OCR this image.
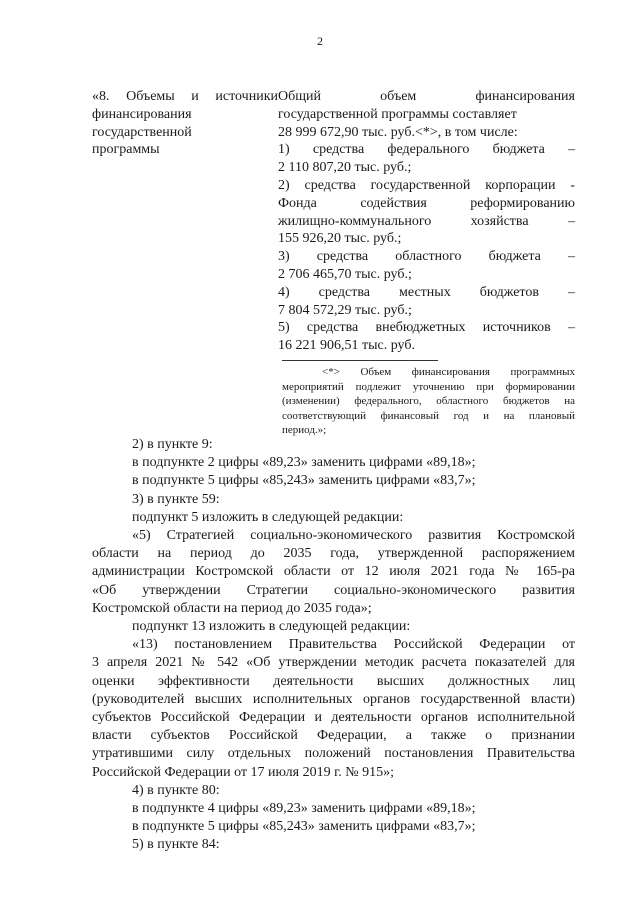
2
«8. Объемы и источники
финансирования
государственной
программы
Общий объем финансирования
государственной программы составляет
28 999 672,90 тыс. руб.<*>, в том числе:
1) средства федерального бюджета –
2 110 807,20 тыс. руб.;
2) средства государственной корпорации -
Фонда содействия реформированию
жилищно-коммунального хозяйства –
155 926,20 тыс. руб.;
3) средства областного бюджета –
2 706 465,70 тыс. руб.;
4) средства местных бюджетов –
7 804 572,29 тыс. руб.;
5) средства внебюджетных источников –
16 221 906,51 тыс. руб.
<*> Объем финансирования программных
мероприятий подлежит уточнению при формировании
(изменении) федерального, областного бюджетов на
соответствующий финансовый год и на плановый
период.»;
2) в пункте 9:
в подпункте 2 цифры «89,23» заменить цифрами «89,18»;
в подпункте 5 цифры «85,243» заменить цифрами «83,7»;
3) в пункте 59:
подпункт 5 изложить в следующей редакции:
«5) Стратегией социально-экономического развития Костромской
области на период до 2035 года, утвержденной распоряжением
администрации Костромской области от 12 июля 2021 года № 165-ра
«Об утверждении Стратегии социально-экономического развития
Костромской области на период до 2035 года»;
подпункт 13 изложить в следующей редакции:
«13) постановлением Правительства Российской Федерации от
3 апреля 2021 № 542 «Об утверждении методик расчета показателей для
оценки эффективности деятельности высших должностных лиц
(руководителей высших исполнительных органов государственной власти)
субъектов Российской Федерации и деятельности органов исполнительной
власти субъектов Российской Федерации, а также о признании
утратившими силу отдельных положений постановления Правительства
Российской Федерации от 17 июля 2019 г. № 915»;
4) в пункте 80:
в подпункте 4 цифры «89,23» заменить цифрами «89,18»;
в подпункте 5 цифры «85,243» заменить цифрами «83,7»;
5) в пункте 84:
